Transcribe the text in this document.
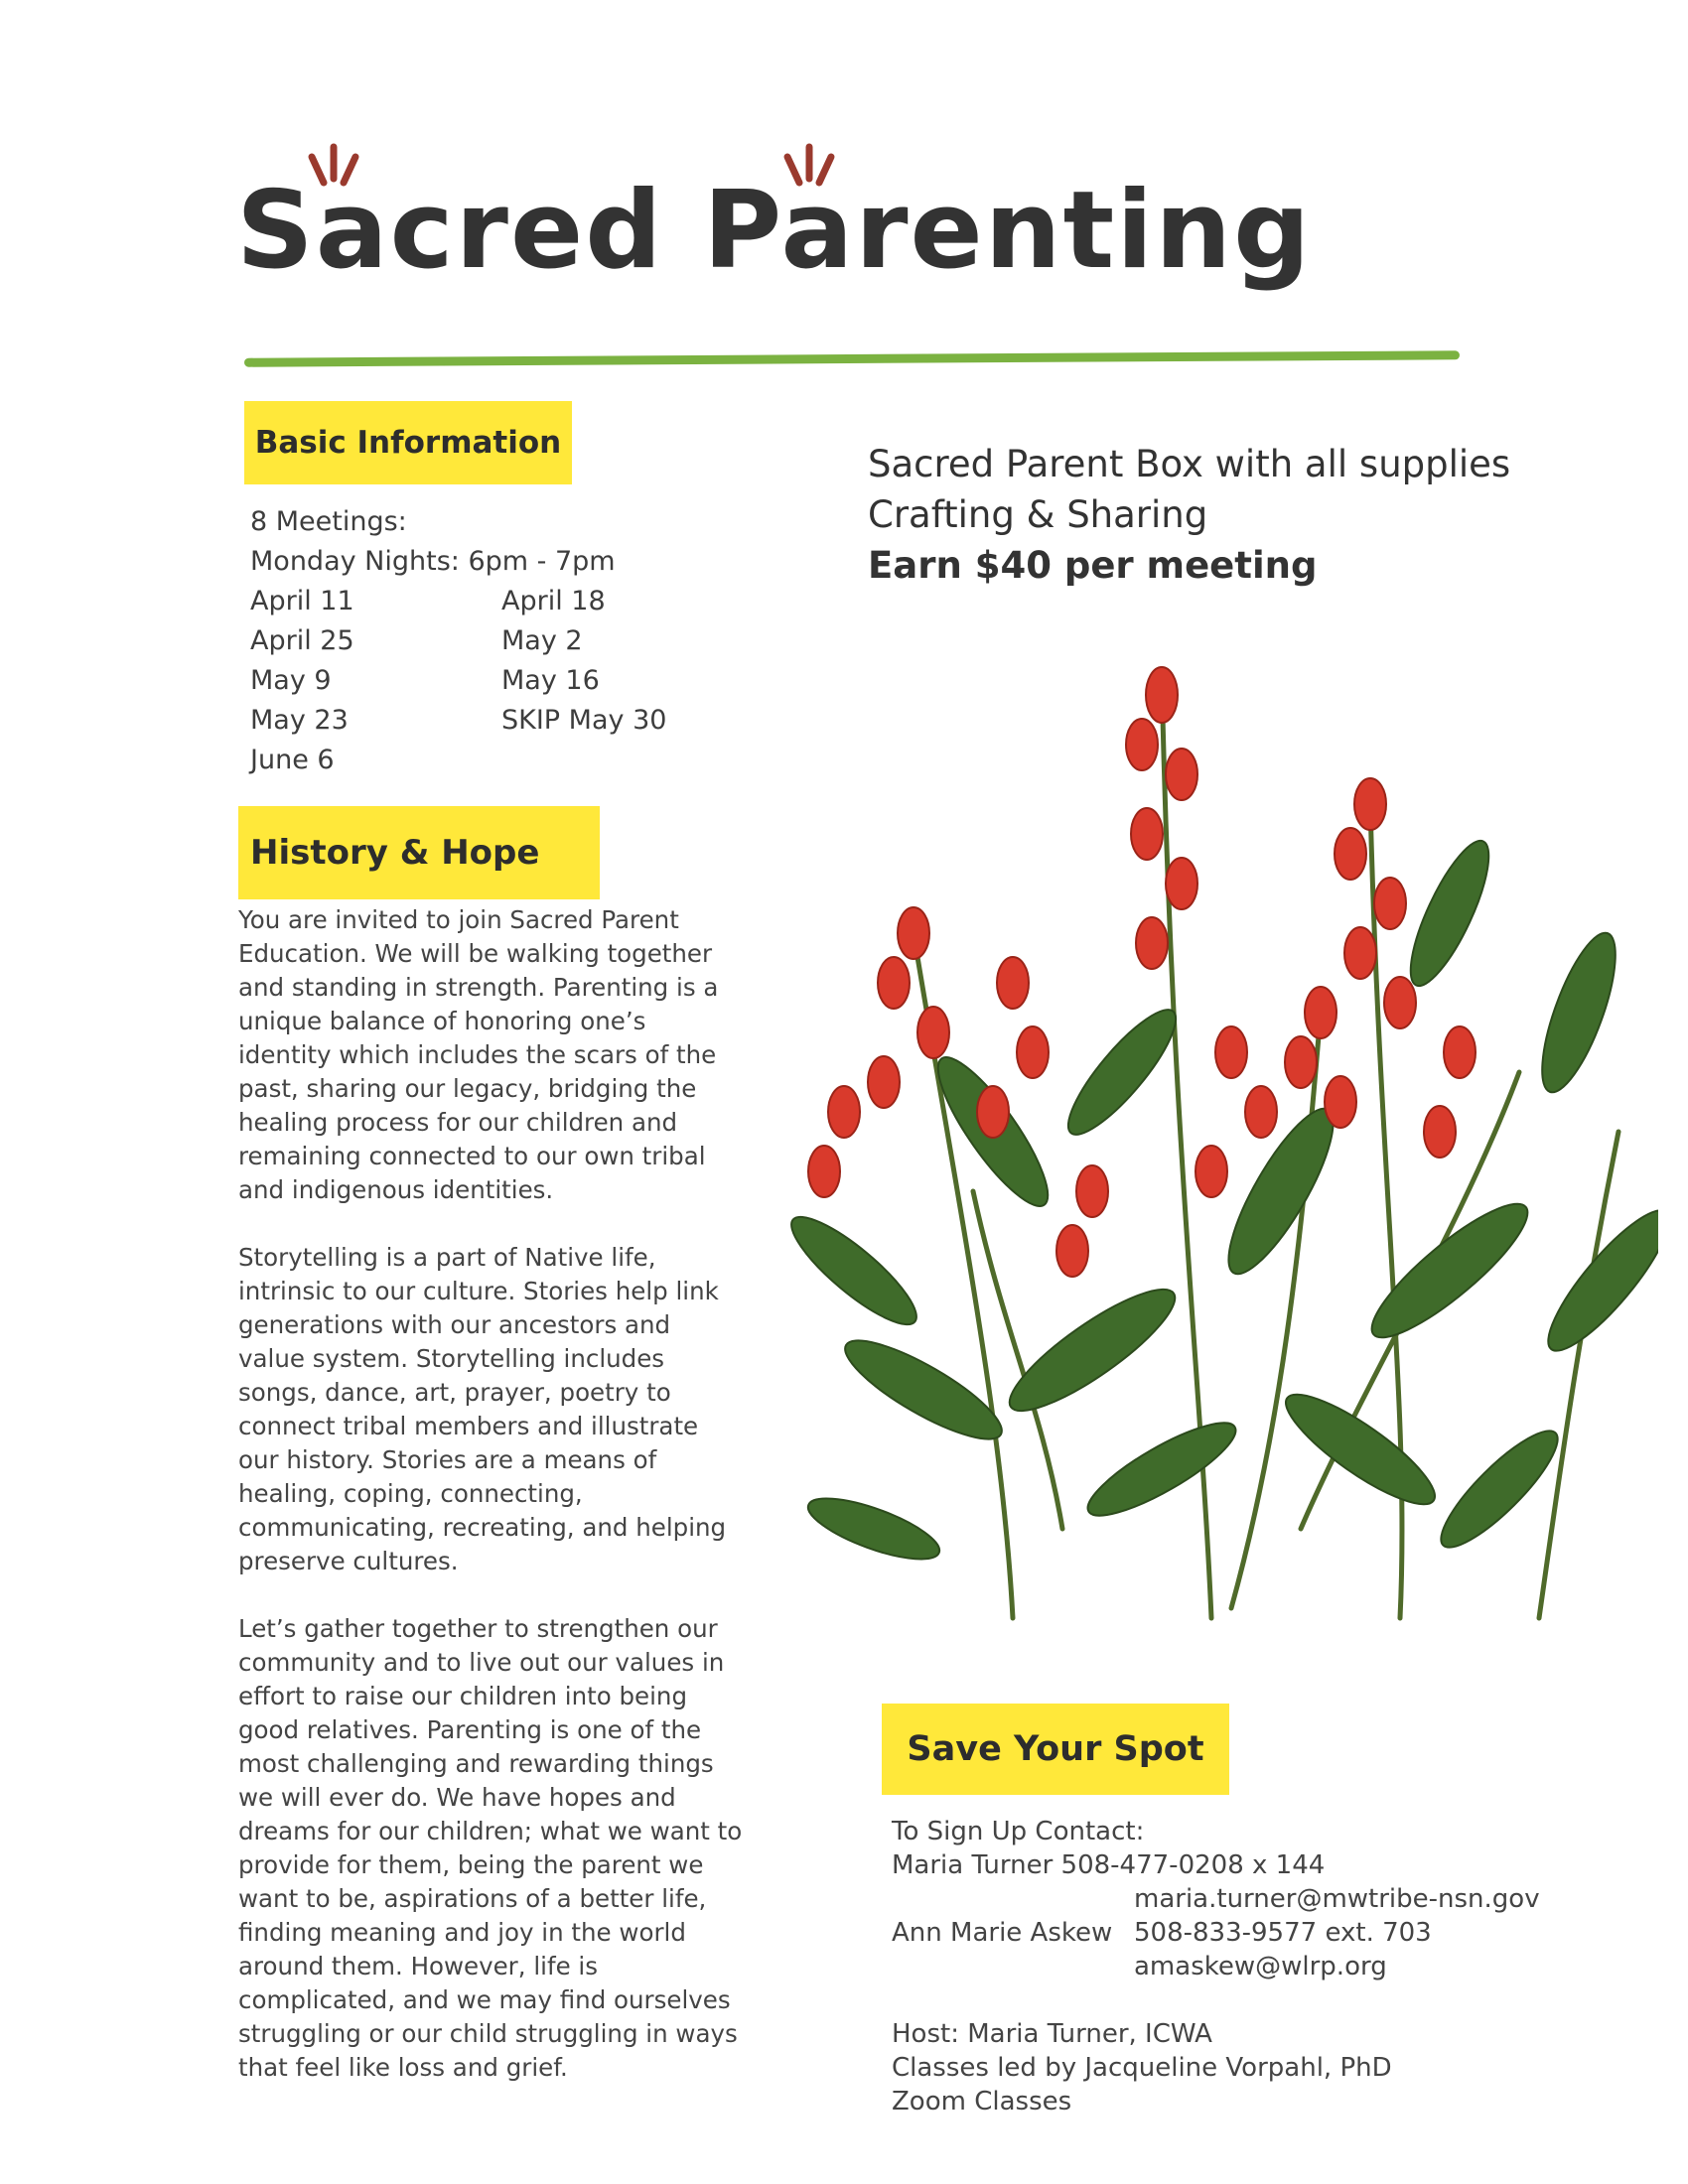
Sacred Parenting
Basic Information
8 Meetings:
Monday Nights: 6pm - 7pm
April 11	April 18
April 25	May 2
May 9	May 16
May 23	SKIP May 30
June 6
History & Hope

You are invited to join Sacred Parent
Education. We will be walking together
and standing in strength. Parenting is a
unique balance of honoring one’s
identity which includes the scars of the
past, sharing our legacy, bridging the
healing process for our children and
remaining connected to our own tribal
and indigenous identities.

Storytelling is a part of Native life,
intrinsic to our culture. Stories help link
generations with our ancestors and
value system. Storytelling includes
songs, dance, art, prayer, poetry to
connect tribal members and illustrate
our history. Stories are a means of
healing, coping, connecting,
communicating, recreating, and helping
preserve cultures.

Let’s gather together to strengthen our
community and to live out our values in
effort to raise our children into being
good relatives. Parenting is one of the
most challenging and rewarding things
we will ever do. We have hopes and
dreams for our children; what we want to
provide for them, being the parent we
want to be, aspirations of a better life,
finding meaning and joy in the world
around them. However, life is
complicated, and we may find ourselves
struggling or our child struggling in ways
that feel like loss and grief.

Sacred Parent Box with all supplies
Crafting & Sharing
Earn $40 per meeting
Save Your Spot
To Sign Up Contact:
Maria Turner 508-477-0208 x 144
maria.turner@mwtribe-nsn.gov
Ann Marie Askew 508-833-9577 ext. 703
amaskew@wlrp.org
Host: Maria Turner, ICWA
Classes led by Jacqueline Vorpahl, PhD
Zoom Classes
